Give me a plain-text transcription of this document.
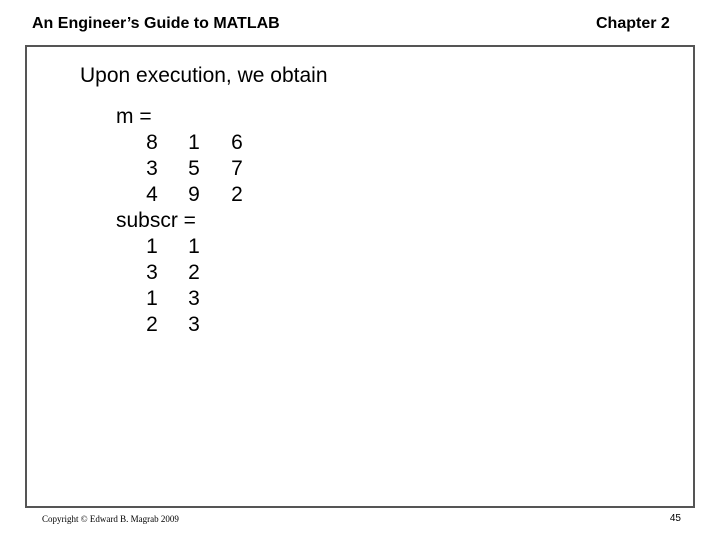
An Engineer’s Guide to MATLAB	Chapter 2
Upon execution, we obtain
m =
8 1 6
3 5 7
4 9 2
subscr =
1 1
3 2
1 3
2 3
Copyright © Edward B. Magrab 2009	45
